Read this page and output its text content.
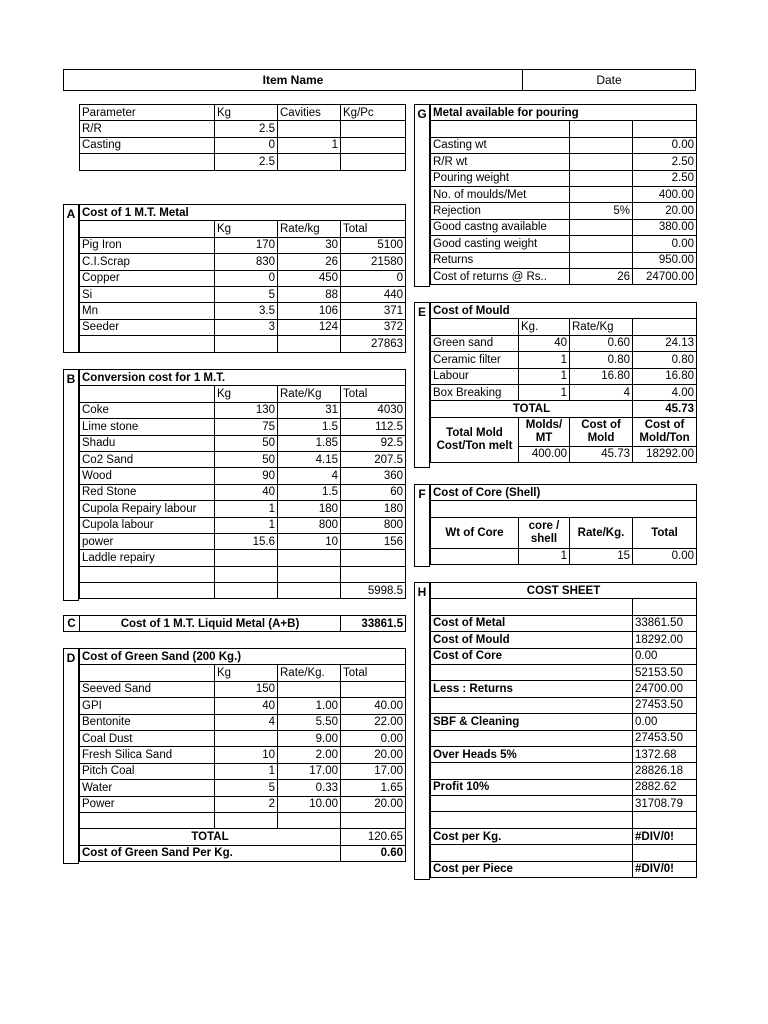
Item Name	Date
Parameter	Kg	Cavities	Kg/Pc
R/R	2.5		
Casting	0	1	
	2.5		
A Cost of 1 M.T. Metal			
	Kg	Rate/kg	Total
Pig Iron	170	30	5100
C.I.Scrap	830	26	21580
Copper	0	450	0
Si	5	88	440
Mn	3.5	106	371
Seeder	3	124	372
			27863
B Conversion cost for 1 M.T.			
	Kg	Rate/Kg	Total
Coke	130	31	4030
Lime stone	75	1.5	112.5
Shadu	50	1.85	92.5
Co2 Sand	50	4.15	207.5
Wood	90	4	360
Red Stone	40	1.5	60
Cupola Repairy labour	1	180	180
Cupola labour	1	800	800
power	15.6	10	156
Laddle repairy			

			5998.5
C	Cost of 1 M.T. Liquid Metal (A+B)	33861.5
D Cost of Green Sand (200 Kg.)			
	Kg	Rate/Kg.	Total
Seeved Sand	150		
GPI	40	1.00	40.00
Bentonite	4	5.50	22.00
Coal Dust		9.00	0.00
Fresh Silica Sand	10	2.00	20.00
Pitch Coal	1	17.00	17.00
Water	5	0.33	1.65
Power	2	10.00	20.00

TOTAL			120.65
Cost of Green Sand Per Kg.			0.60
G Metal available for pouring		

Casting wt		0.00
R/R wt		2.50
Pouring weight		2.50
No. of moulds/Met		400.00
Rejection	5%	20.00
Good castng available		380.00
Good casting weight		0.00
Returns		950.00
Cost of returns @ Rs..	26	24700.00
E Cost of Mould			
	Kg.	Rate/Kg	
Green sand	40	0.60	24.13
Ceramic filter	1	0.80	0.80
Labour	1	16.80	16.80
Box Breaking	1	4	4.00
TOTAL			45.73
Total Mold Cost/Ton melt	Molds/ MT	Cost of Mold	Cost of Mold/Ton
	400.00	45.73	18292.00
F Cost of Core (Shell)			

Wt of Core	core / shell	Rate/Kg.	Total
	1	15	0.00
H	COST SHEET	

Cost of Metal	33861.50
Cost of Mould	18292.00
Cost of Core	0.00
	52153.50
Less : Returns	24700.00
	27453.50
SBF & Cleaning	0.00
	27453.50
Over Heads 5%	1372.68
	28826.18
Profit 10%	2882.62
	31708.79

Cost per Kg.	#DIV/0!

Cost per Piece	#DIV/0!
